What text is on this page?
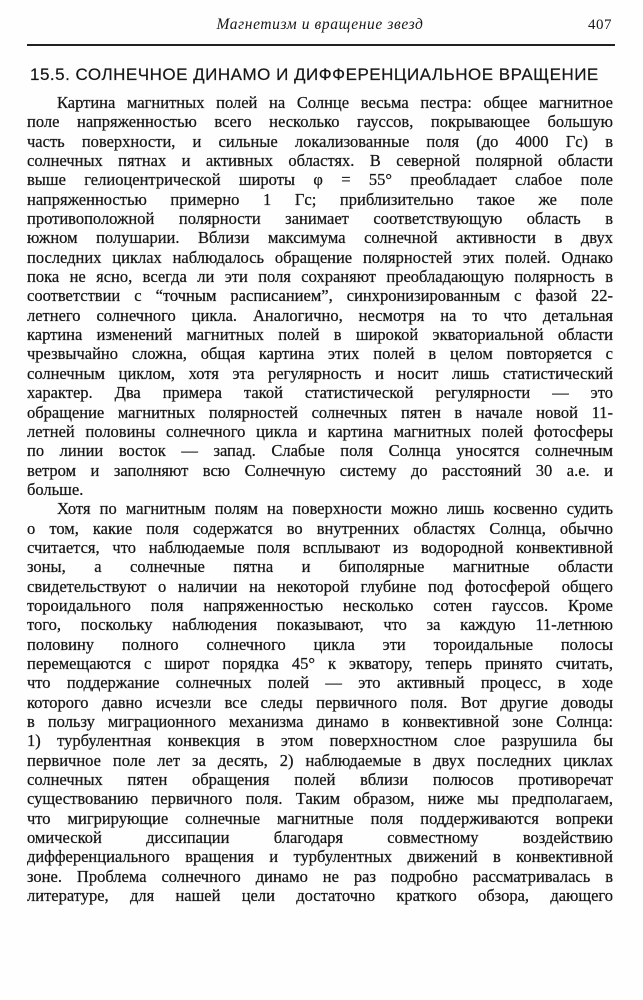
Магнетизм и вращение звезд	407
15.5. СОЛНЕЧНОЕ ДИНАМО И ДИФФЕРЕНЦИАЛЬНОЕ ВРАЩЕНИЕ
Картина магнитных полей на Солнце весьма пестра: общее магнитное
поле напряженностью всего несколько гауссов, покрывающее большую
часть поверхности, и сильные локализованные поля (до 4000 Гс) в
солнечных пятнах и активных областях. В северной полярной области
выше гелиоцентрической широты φ = 55° преобладает слабое поле
напряженностью примерно 1 Гс; приблизительно такое же поле
противоположной полярности занимает соответствующую область в
южном полушарии. Вблизи максимума солнечной активности в двух
последних циклах наблюдалось обращение полярностей этих полей. Однако
пока не ясно, всегда ли эти поля сохраняют преобладающую полярность в
соответствии с “точным расписанием”, синхронизированным с фазой 22-
летнего солнечного цикла. Аналогично, несмотря на то что детальная
картина изменений магнитных полей в широкой экваториальной области
чрезвычайно сложна, общая картина этих полей в целом повторяется с
солнечным циклом, хотя эта регулярность и носит лишь статистический
характер. Два примера такой статистической регулярности — это
обращение магнитных полярностей солнечных пятен в начале новой 11-
летней половины солнечного цикла и картина магнитных полей фотосферы
по линии восток — запад. Слабые поля Солнца уносятся солнечным
ветром и заполняют всю Солнечную систему до расстояний 30 а.е. и
больше.
Хотя по магнитным полям на поверхности можно лишь косвенно судить
о том, какие поля содержатся во внутренних областях Солнца, обычно
считается, что наблюдаемые поля всплывают из водородной конвективной
зоны, а солнечные пятна и биполярные магнитные области
свидетельствуют о наличии на некоторой глубине под фотосферой общего
тороидального поля напряженностью несколько сотен гауссов. Кроме
того, поскольку наблюдения показывают, что за каждую 11-летнюю
половину полного солнечного цикла эти тороидальные полосы
перемещаются с широт порядка 45° к экватору, теперь принято считать,
что поддержание солнечных полей — это активный процесс, в ходе
которого давно исчезли все следы первичного поля. Вот другие доводы
в пользу миграционного механизма динамо в конвективной зоне Солнца:
1) турбулентная конвекция в этом поверхностном слое разрушила бы
первичное поле лет за десять, 2) наблюдаемые в двух последних циклах
солнечных пятен обращения полей вблизи полюсов противоречат
существованию первичного поля. Таким образом, ниже мы предполагаем,
что мигрирующие солнечные магнитные поля поддерживаются вопреки
омической диссипации благодаря совместному воздействию
дифференциального вращения и турбулентных движений в конвективной
зоне. Проблема солнечного динамо не раз подробно рассматривалась в
литературе, для нашей цели достаточно краткого обзора, дающего
